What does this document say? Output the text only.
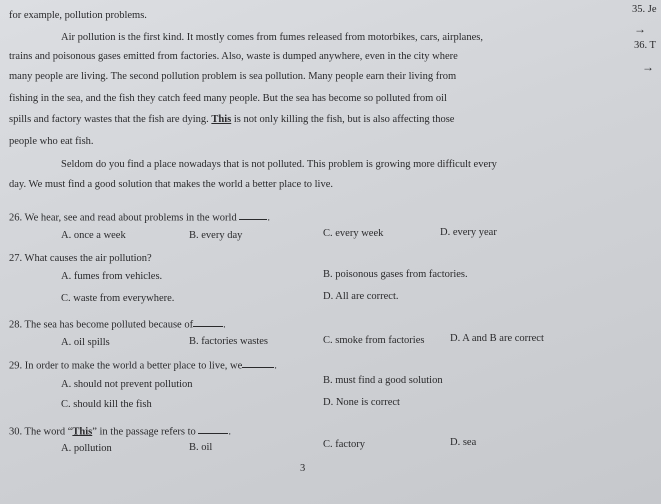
for example, pollution problems.
Air pollution is the first kind. It mostly comes from fumes released from motorbikes, cars, airplanes,
trains and poisonous gases emitted from factories. Also, waste is dumped anywhere, even in the city where
many people are living. The second pollution problem is sea pollution. Many people earn their living from
fishing in the sea, and the fish they catch feed many people. But the sea has become so polluted from oil
spills and factory wastes that the fish are dying. This is not only killing the fish, but is also affecting those
people who eat fish.
Seldom do you find a place nowadays that is not polluted. This problem is growing more difficult every
day. We must find a good solution that makes the world a better place to live.
26. We hear, see and read about problems in the world	.
A. once a week	B. every day	C. every week	D. every year
27. What causes the air pollution?
A. fumes from vehicles.	B. poisonous gases from factories.
C. waste from everywhere.	D. All are correct.
28. The sea has become polluted because of	.
A. oil spills	B. factories wastes	C. smoke from factories D. A and B are correct
29. In order to make the world a better place to live, we	.
A. should not prevent pollution	B. must find a good solution
C. should kill the fish	D. None is correct
30. The word “This” in the passage refers to	.
A. pollution	B. oil	C. factory	D. sea
3
35. Je
→
36. T
→
